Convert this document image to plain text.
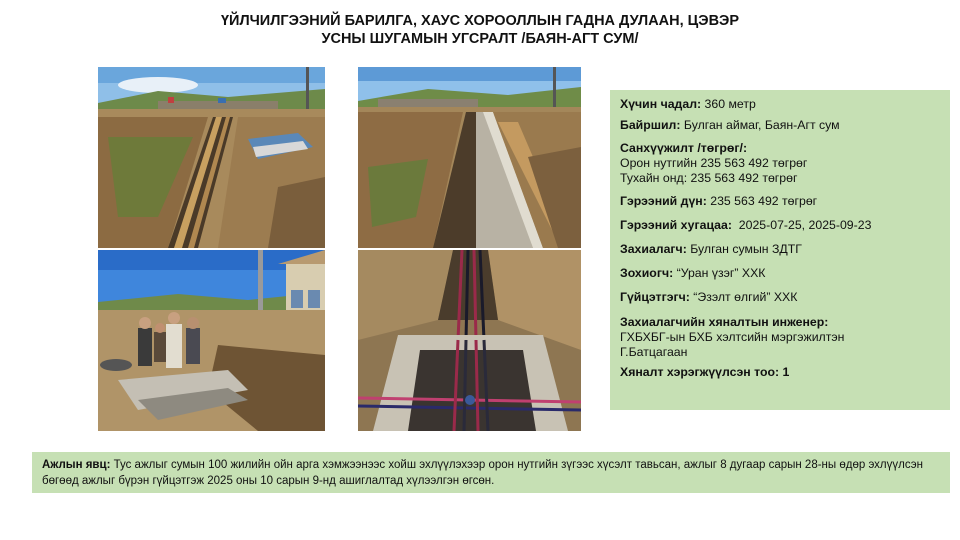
ҮЙЛЧИЛГЭЭНИЙ БАРИЛГА, ХАУС ХОРООЛЛЫН ГАДНА ДУЛААН, ЦЭВЭР
УСНЫ ШУГАМЫН УГСРАЛТ /БАЯН-АГТ СУМ/

Хүчин чадал: 360 метр

Байршил: Булган аймаг, Баян-Агт сум

Санхүүжилт /төгрөг/:

Орон нутгийн 235 563 492 төгрөг

Тухайн онд: 235 563 492 төгрөг

Гэрээний дүн: 235 563 492 төгрөг

Гэрээний хугацаа: 2025-07-25, 2025-09-23

Захиалагч: Булган сумын ЗДТГ

Зохиогч: “Уран үзэг” ХХК

Гүйцэтгэгч: “Эзэлт өлгий” ХХК

Захиалагчийн хяналтын инженер:

ГХБХБГ-ын БХБ хэлтсийн мэргэжилтэн

Г.Батцагаан

Хяналт хэрэгжүүлсэн тоо: 1

Ажлын явц: Тус ажлыг сумын 100 жилийн ойн арга хэмжээнээс хойш эхлүүлэхээр орон нутгийн зүгээс хүсэлт тавьсан, ажлыг 8 дугаар сарын 28-ны өдөр эхлүүлсэн бөгөөд ажлыг бүрэн гүйцэтгэж 2025 оны 10 сарын 9-нд ашиглалтад хүлээлгэн өгсөн.
